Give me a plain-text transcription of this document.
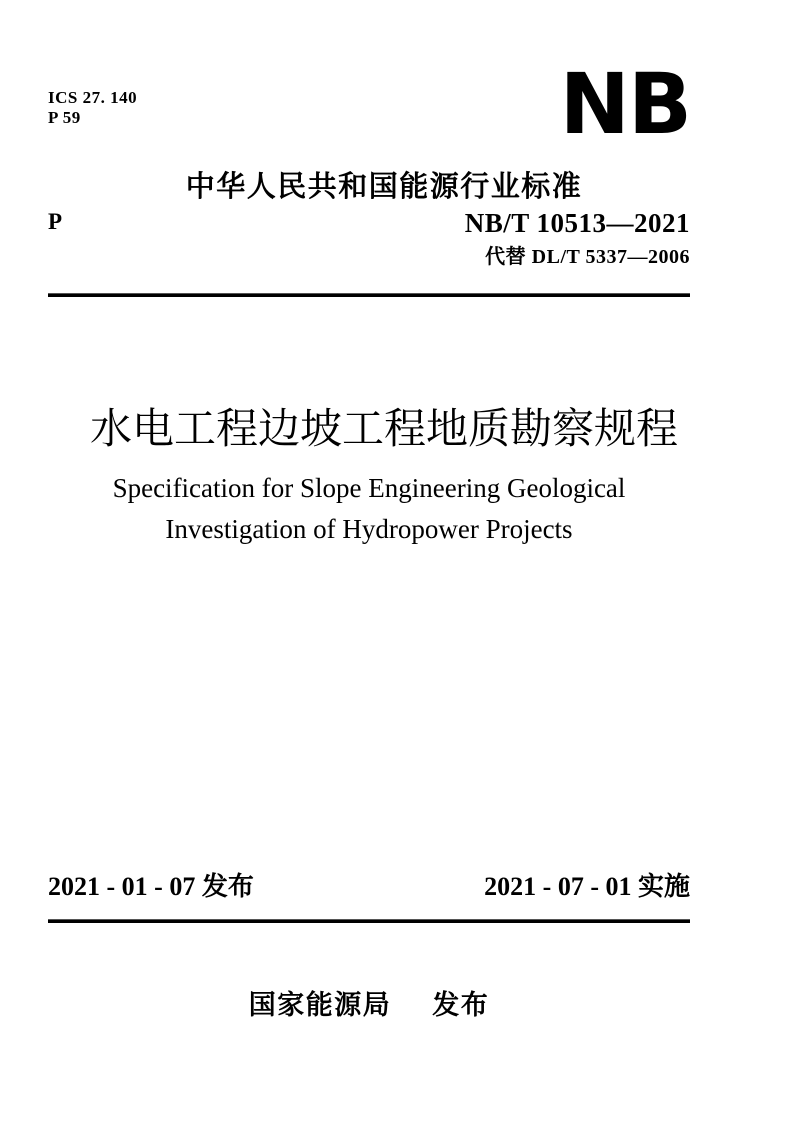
ICS 27. 140
P 59	NB
中华人民共和国能源行业标准
P	NB/T 10513—2021
代替 DL/T 5337—2006
水电工程边坡工程地质勘察规程
Specification for Slope Engineering Geological
Investigation of Hydropower Projects
2021 - 01 - 07 发布	2021 - 07 - 01 实施
国家能源局 发布
